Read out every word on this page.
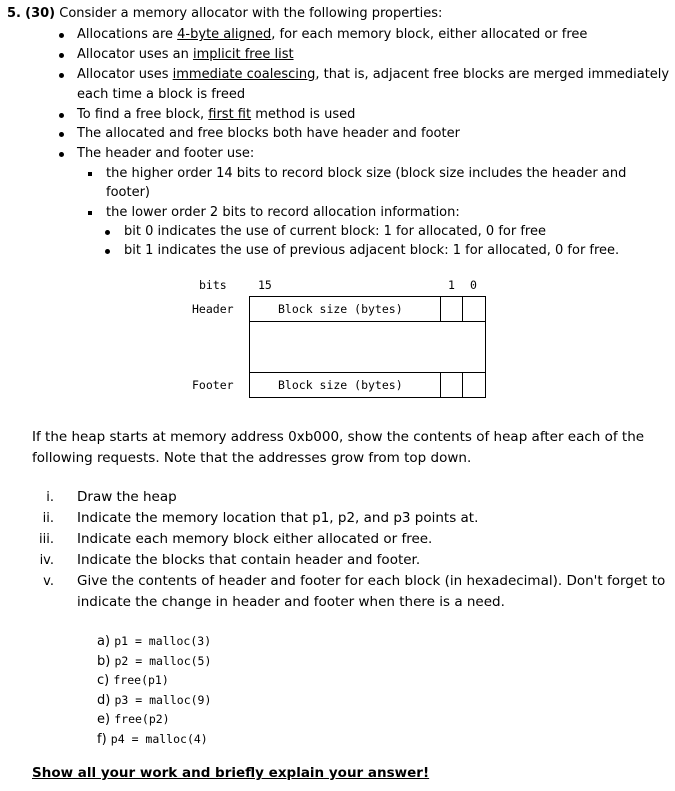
5. (30) Consider a memory allocator with the following properties:
Allocations are 4-byte aligned, for each memory block, either allocated or free
Allocator uses an implicit free list
Allocator uses immediate coalescing, that is, adjacent free blocks are merged immediately
each time a block is freed
To find a free block, first fit method is used
The allocated and free blocks both have header and footer
The header and footer use:
the higher order 14 bits to record block size (block size includes the header and
footer)
the lower order 2 bits to record allocation information:
bit 0 indicates the use of current block: 1 for allocated, 0 for free
bit 1 indicates the use of previous adjacent block: 1 for allocated, 0 for free.
bits	15	1 0
Header
Footer
Block size (bytes)
Block size (bytes)
If the heap starts at memory address 0xb000, show the contents of heap after each of the
following requests. Note that the addresses grow from top down.
i. Draw the heap
ii. Indicate the memory location that p1, p2, and p3 points at.
iii. Indicate each memory block either allocated or free.
iv. Indicate the blocks that contain header and footer.
v. Give the contents of header and footer for each block (in hexadecimal). Don't forget to
indicate the change in header and footer when there is a need.
a) p1 = malloc(3)
b) p2 = malloc(5)
c) free(p1)
d) p3 = malloc(9)
e) free(p2)
f) p4 = malloc(4)
Show all your work and briefly explain your answer!
